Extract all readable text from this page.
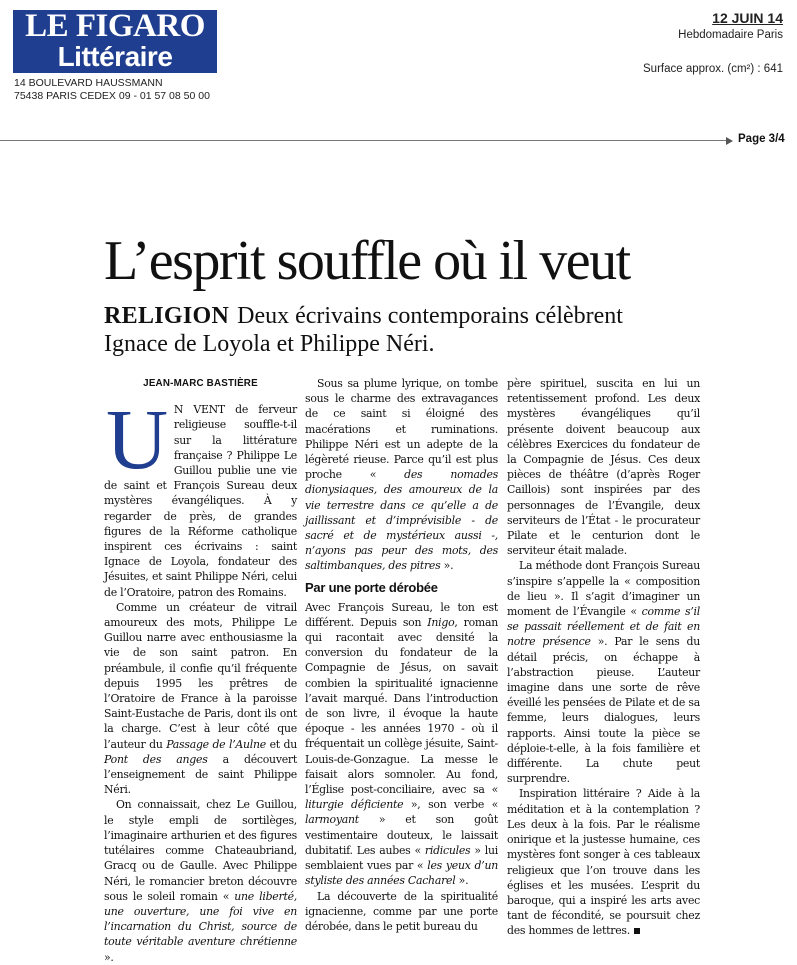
LE FIGARO
Littéraire
14 BOULEVARD HAUSSMANN
75438 PARIS CEDEX 09 - 01 57 08 50 00
12 JUIN 14
Hebdomadaire Paris
Surface approx. (cm²) : 641
Page 3/4
L’esprit souffle où il veut
RELIGION Deux écrivains contemporains célèbrent Ignace de Loyola et Philippe Néri.

JEAN-MARC BASTIÈRE

U N VENT de ferveur religieuse souffle-t-il sur la littérature française ? Philippe Le Guillou publie une vie de saint et François Sureau deux mystères évangéliques. À y regarder de près, de grandes figures de la Réforme catholique inspirent ces écrivains : saint Ignace de Loyola, fondateur des Jésuites, et saint Philippe Néri, celui de l’Oratoire, patron des Romains.

Comme un créateur de vitrail amoureux des mots, Philippe Le Guillou narre avec enthousiasme la vie de son saint patron. En préambule, il confie qu’il fréquente depuis 1995 les prêtres de l’Oratoire de France à la paroisse Saint-Eustache de Paris, dont ils ont la charge. C’est à leur côté que l’auteur du Passage de l’Aulne et du Pont des anges a découvert l’enseignement de saint Philippe Néri.

On connaissait, chez Le Guillou, le style empli de sortilèges, l’imaginaire arthurien et des figures tutélaires comme Chateaubriand, Gracq ou de Gaulle. Avec Philippe Néri, le romancier breton découvre sous le soleil romain « une liberté, une ouverture, une foi vive en l’incarnation du Christ, source de toute véritable aventure chrétienne ».

Sous sa plume lyrique, on tombe sous le charme des extravagances de ce saint si éloigné des macérations et ruminations. Philippe Néri est un adepte de la légèreté rieuse. Parce qu’il est plus proche « des nomades dionysiaques, des amoureux de la vie terrestre dans ce qu’elle a de jaillissant et d’imprévisible - de sacré et de mystérieux aussi -, n’ayons pas peur des mots, des saltimbanques, des pitres ».

Par une porte dérobée

Avec François Sureau, le ton est différent. Depuis son Inigo, roman qui racontait avec densité la conversion du fondateur de la Compagnie de Jésus, on savait combien la spiritualité ignacienne l’avait marqué. Dans l’introduction de son livre, il évoque la haute époque - les années 1970 - où il fréquentait un collège jésuite, Saint-Louis-de-Gonzague. La messe le faisait alors somnoler. Au fond, l’Église post-conciliaire, avec sa « liturgie déficiente », son verbe « larmoyant » et son goût vestimentaire douteux, le laissait dubitatif. Les aubes « ridicules » lui semblaient vues par « les yeux d’un styliste des années Cacharel ».

La découverte de la spiritualité ignacienne, comme par une porte dérobée, dans le petit bureau du

père spirituel, suscita en lui un retentissement profond. Les deux mystères évangéliques qu’il présente doivent beaucoup aux célèbres Exercices du fondateur de la Compagnie de Jésus. Ces deux pièces de théâtre (d’après Roger Caillois) sont inspirées par des personnages de l’Évangile, deux serviteurs de l’État - le procurateur Pilate et le centurion dont le serviteur était malade.

La méthode dont François Sureau s’inspire s’appelle la « composition de lieu ». Il s’agit d’imaginer un moment de l’Évangile « comme s’il se passait réellement et de fait en notre présence ». Par le sens du détail précis, on échappe à l’abstraction pieuse. L’auteur imagine dans une sorte de rêve éveillé les pensées de Pilate et de sa femme, leurs dialogues, leurs rapports. Ainsi toute la pièce se déploie-t-elle, à la fois familière et différente. La chute peut surprendre.

Inspiration littéraire ? Aide à la méditation et à la contemplation ? Les deux à la fois. Par le réalisme onirique et la justesse humaine, ces mystères font songer à ces tableaux religieux que l’on trouve dans les églises et les musées. L’esprit du baroque, qui a inspiré les arts avec tant de fécondité, se poursuit chez des hommes de lettres.
